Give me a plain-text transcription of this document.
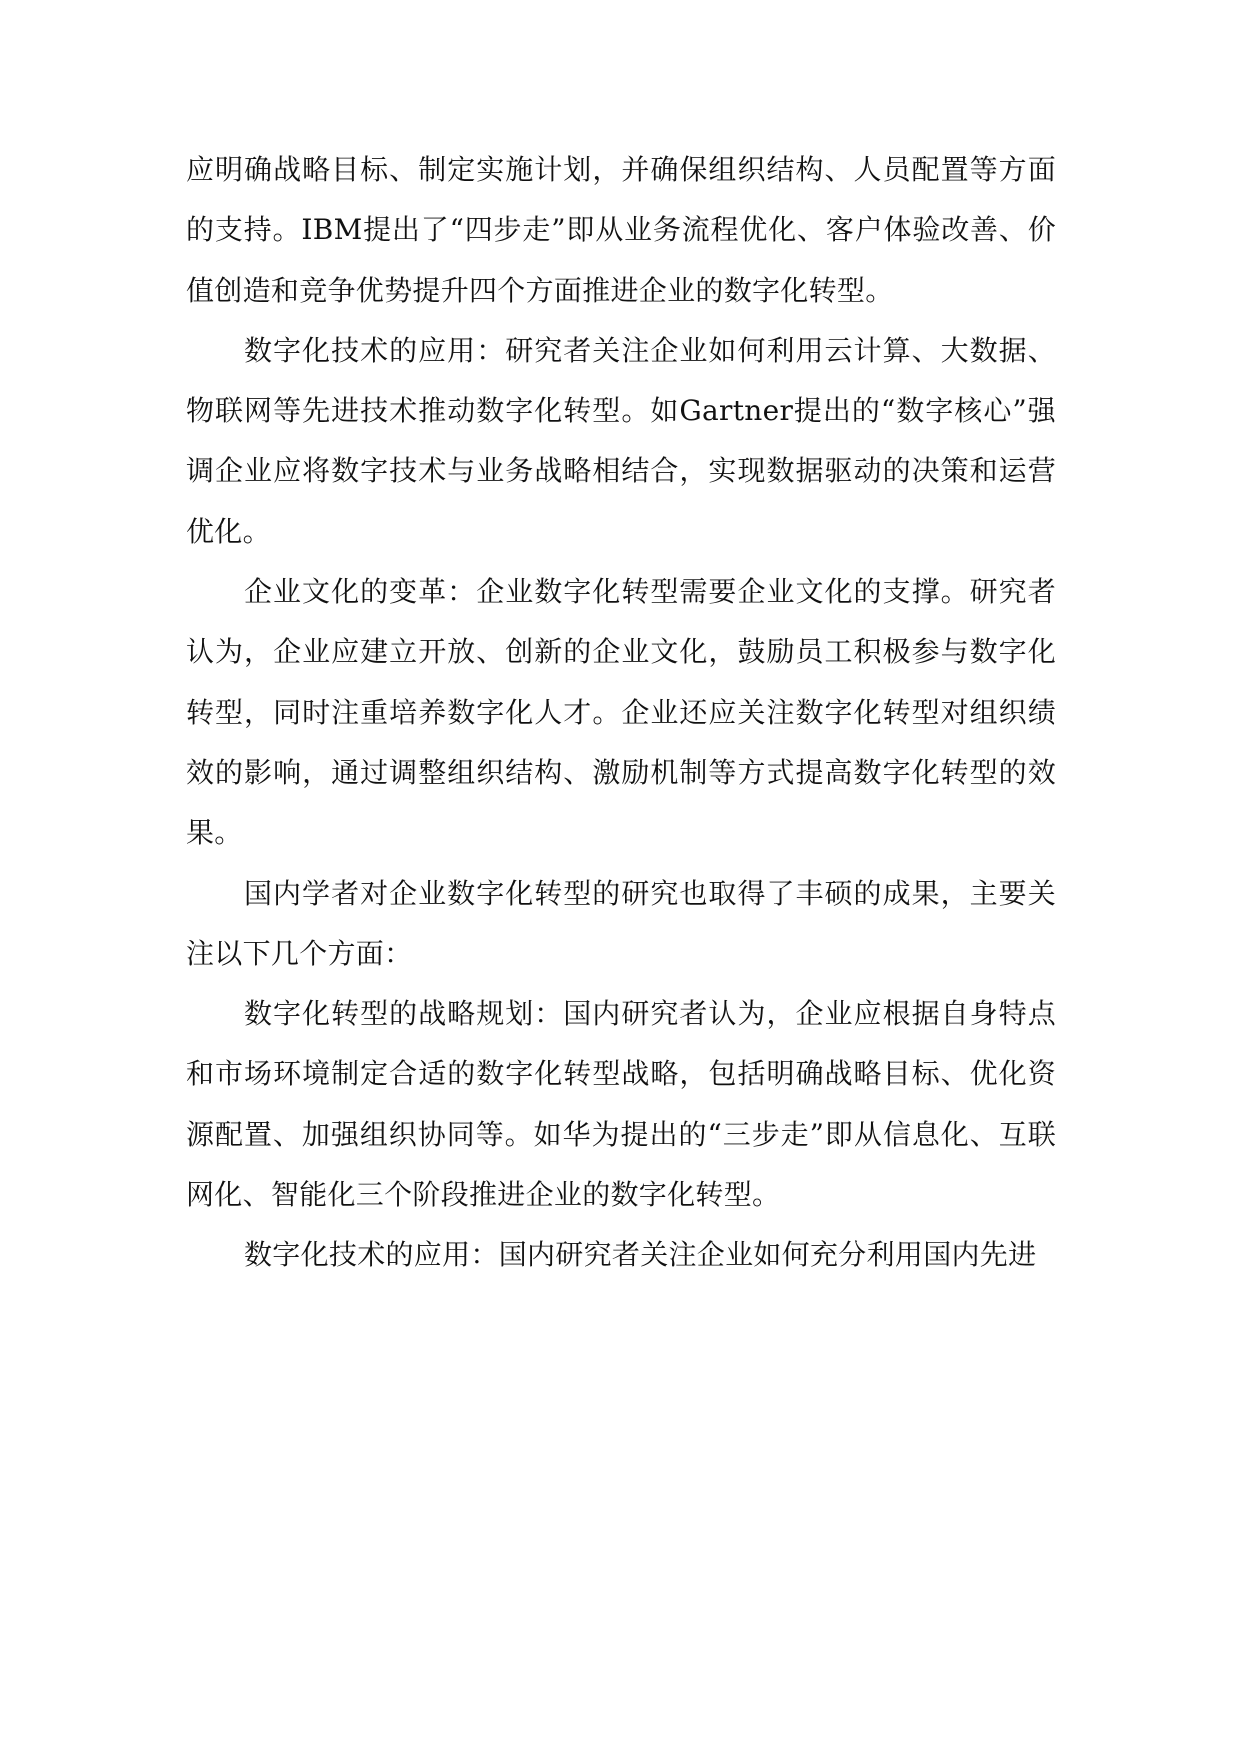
应明确战略目标、制定实施计划，并确保组织结构、人员配置等方面的支持。IBM提出了“四步走”即从业务流程优化、客户体验改善、价值创造和竞争优势提升四个方面推进企业的数字化转型。

数字化技术的应用：研究者关注企业如何利用云计算、大数据、物联网等先进技术推动数字化转型。如Gartner提出的“数字核心”强调企业应将数字技术与业务战略相结合，实现数据驱动的决策和运营优化。

企业文化的变革：企业数字化转型需要企业文化的支撑。研究者认为，企业应建立开放、创新的企业文化，鼓励员工积极参与数字化转型，同时注重培养数字化人才。企业还应关注数字化转型对组织绩效的影响，通过调整组织结构、激励机制等方式提高数字化转型的效果。

国内学者对企业数字化转型的研究也取得了丰硕的成果，主要关注以下几个方面：

数字化转型的战略规划：国内研究者认为，企业应根据自身特点和市场环境制定合适的数字化转型战略，包括明确战略目标、优化资源配置、加强组织协同等。如华为提出的“三步走”即从信息化、互联网化、智能化三个阶段推进企业的数字化转型。

数字化技术的应用：国内研究者关注企业如何充分利用国内先进
